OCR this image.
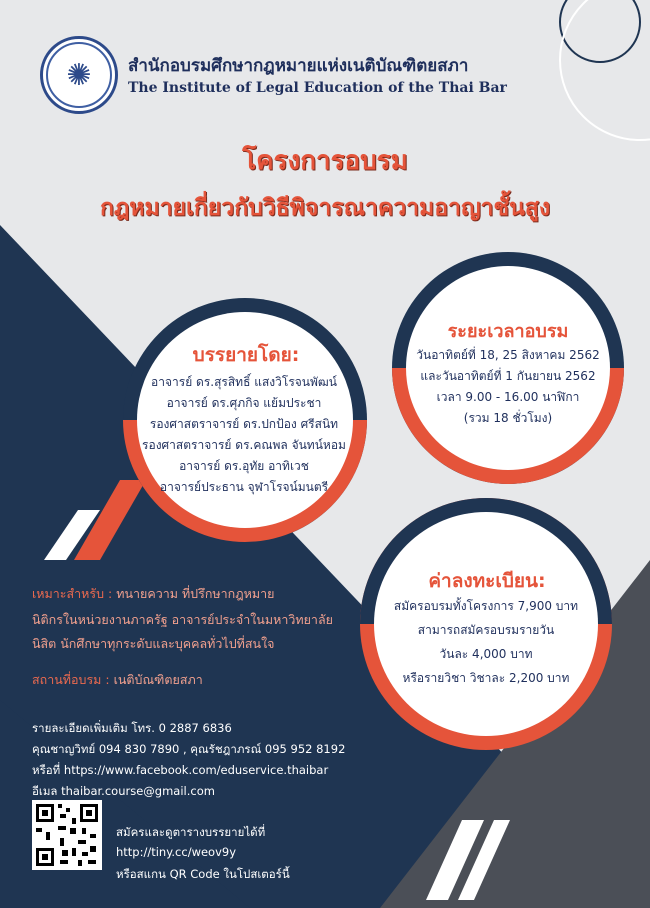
✺	สำนักอบรมศึกษากฎหมายแห่งเนติบัณฑิตยสภา
The Institute of Legal Education of the Thai Bar
โครงการอบรม
กฎหมายเกี่ยวกับวิธีพิจารณาความอาญาชั้นสูง
บรรยายโดย:
อาจารย์ ดร.สุรสิทธิ์ แสงวิโรจนพัฒน์
อาจารย์ ดร.ศุภกิจ แย้มประชา
รองศาสตราจารย์ ดร.ปกป้อง ศรีสนิท
รองศาสตราจารย์ ดร.คณพล จันทน์หอม
อาจารย์ ดร.อุทัย อาทิเวช
อาจารย์ประธาน จุฬาโรจน์มนตรี
ระยะเวลาอบรม
วันอาทิตย์ที่ 18, 25 สิงหาคม 2562
และวันอาทิตย์ที่ 1 กันยายน 2562
เวลา 9.00 - 16.00 นาฬิกา
(รวม 18 ชั่วโมง)
ค่าลงทะเบียน:
สมัครอบรมทั้งโครงการ 7,900 บาท
สามารถสมัครอบรมรายวัน
วันละ 4,000 บาท
หรือรายวิชา วิชาละ 2,200 บาท
เหมาะสำหรับ : ทนายความ ที่ปรึกษากฎหมาย
นิติกรในหน่วยงานภาครัฐ อาจารย์ประจำในมหาวิทยาลัย
นิสิต นักศึกษาทุกระดับและบุคคลทั่วไปที่สนใจ
สถานที่อบรม : เนติบัณฑิตยสภา
รายละเอียดเพิ่มเติม โทร. 0 2887 6836
คุณชาญวิทย์ 094 830 7890 , คุณรัชฎาภรณ์ 095 952 8192
หรือที่ https://www.facebook.com/eduservice.thaibar
อีเมล thaibar.course@gmail.com
สมัครและดูตารางบรรยายได้ที่
http://tiny.cc/weov9y
หรือสแกน QR Code ในโปสเตอร์นี้
